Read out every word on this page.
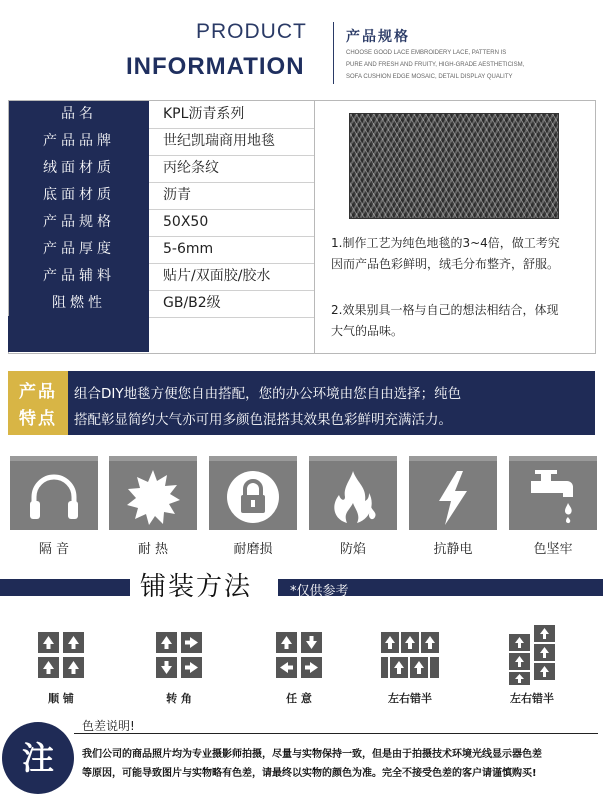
PRODUCT
INFORMATION
产品规格
CHOOSE GOOD LACE EMBROIDERY LACE, PATTERN IS
PURE AND FRESH AND FRUITY, HIGH-GRADE AESTHETICISM,
SOFA CUSHION EDGE MOSAIC, DETAIL DISPLAY QUALITY
品名	KPL沥青系列
产品品牌	世纪凯瑞商用地毯
绒面材质	丙纶条纹
底面材质	沥青
产品规格	50X50
产品厚度	5-6mm
产品辅料	贴片/双面胶/胶水
阻燃性	GB/B2级
1.制作工艺为纯色地毯的3~4倍，做工考究
因而产品色彩鲜明，绒毛分布整齐，舒服。
2.效果别具一格与自己的想法相结合，体现
大气的品味。
产品
特点
组合DIY地毯方便您自由搭配，您的办公环境由您自由选择；纯色
搭配彰显简约大气亦可用多颜色混搭其效果色彩鲜明充满活力。
隔 音	耐 热	耐磨损	防焰	抗静电	色坚牢
铺装方法	*仅供参考
顺 铺	转 角	任 意	左右错半	左右错半
注
色差说明!
我们公司的商品照片均为专业摄影师拍摄，尽量与实物保持一致，但是由于拍摄技术环境光线显示器色差
等原因，可能导致图片与实物略有色差，请最终以实物的颜色为准。完全不接受色差的客户请谨慎购买!
